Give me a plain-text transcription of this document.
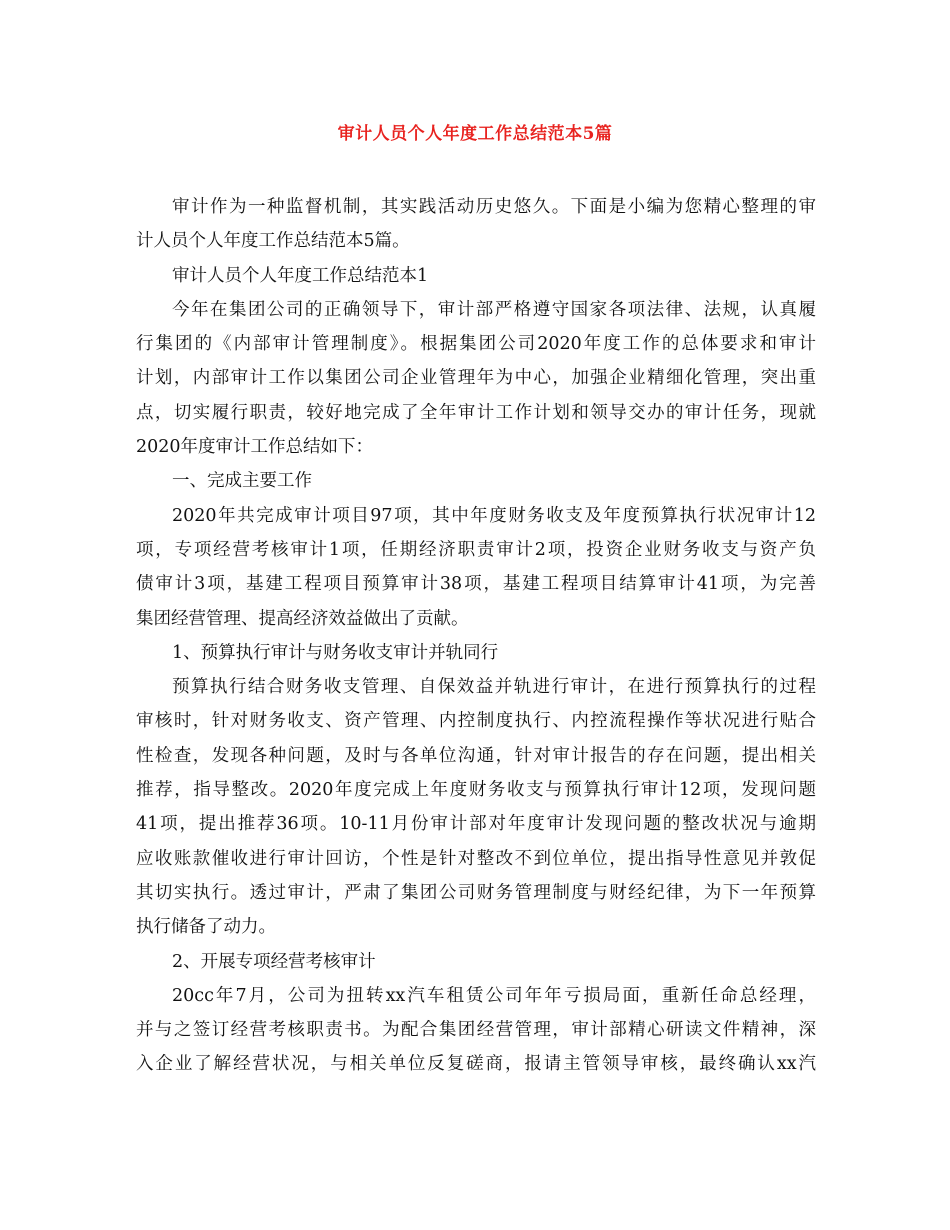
审计人员个人年度工作总结范本5篇
审计作为一种监督机制，其实践活动历史悠久。下面是小编为您精心整理的审
计人员个人年度工作总结范本5篇。
审计人员个人年度工作总结范本1
今年在集团公司的正确领导下，审计部严格遵守国家各项法律、法规，认真履
行集团的《内部审计管理制度》。根据集团公司2020年度工作的总体要求和审计
计划，内部审计工作以集团公司企业管理年为中心，加强企业精细化管理，突出重
点，切实履行职责，较好地完成了全年审计工作计划和领导交办的审计任务，现就
2020年度审计工作总结如下：
一、完成主要工作
2020年共完成审计项目97项，其中年度财务收支及年度预算执行状况审计12
项，专项经营考核审计1项，任期经济职责审计2项，投资企业财务收支与资产负
债审计3项，基建工程项目预算审计38项，基建工程项目结算审计41项，为完善
集团经营管理、提高经济效益做出了贡献。
1、预算执行审计与财务收支审计并轨同行
预算执行结合财务收支管理、自保效益并轨进行审计，在进行预算执行的过程
审核时，针对财务收支、资产管理、内控制度执行、内控流程操作等状况进行贴合
性检查，发现各种问题，及时与各单位沟通，针对审计报告的存在问题，提出相关
推荐，指导整改。2020年度完成上年度财务收支与预算执行审计12项，发现问题
41项，提出推荐36项。10-11月份审计部对年度审计发现问题的整改状况与逾期
应收账款催收进行审计回访，个性是针对整改不到位单位，提出指导性意见并敦促
其切实执行。透过审计，严肃了集团公司财务管理制度与财经纪律，为下一年预算
执行储备了动力。
2、开展专项经营考核审计
20cc年7月，公司为扭转xx汽车租赁公司年年亏损局面，重新任命总经理，
并与之签订经营考核职责书。为配合集团经营管理，审计部精心研读文件精神，深
入企业了解经营状况，与相关单位反复磋商，报请主管领导审核，最终确认xx汽
